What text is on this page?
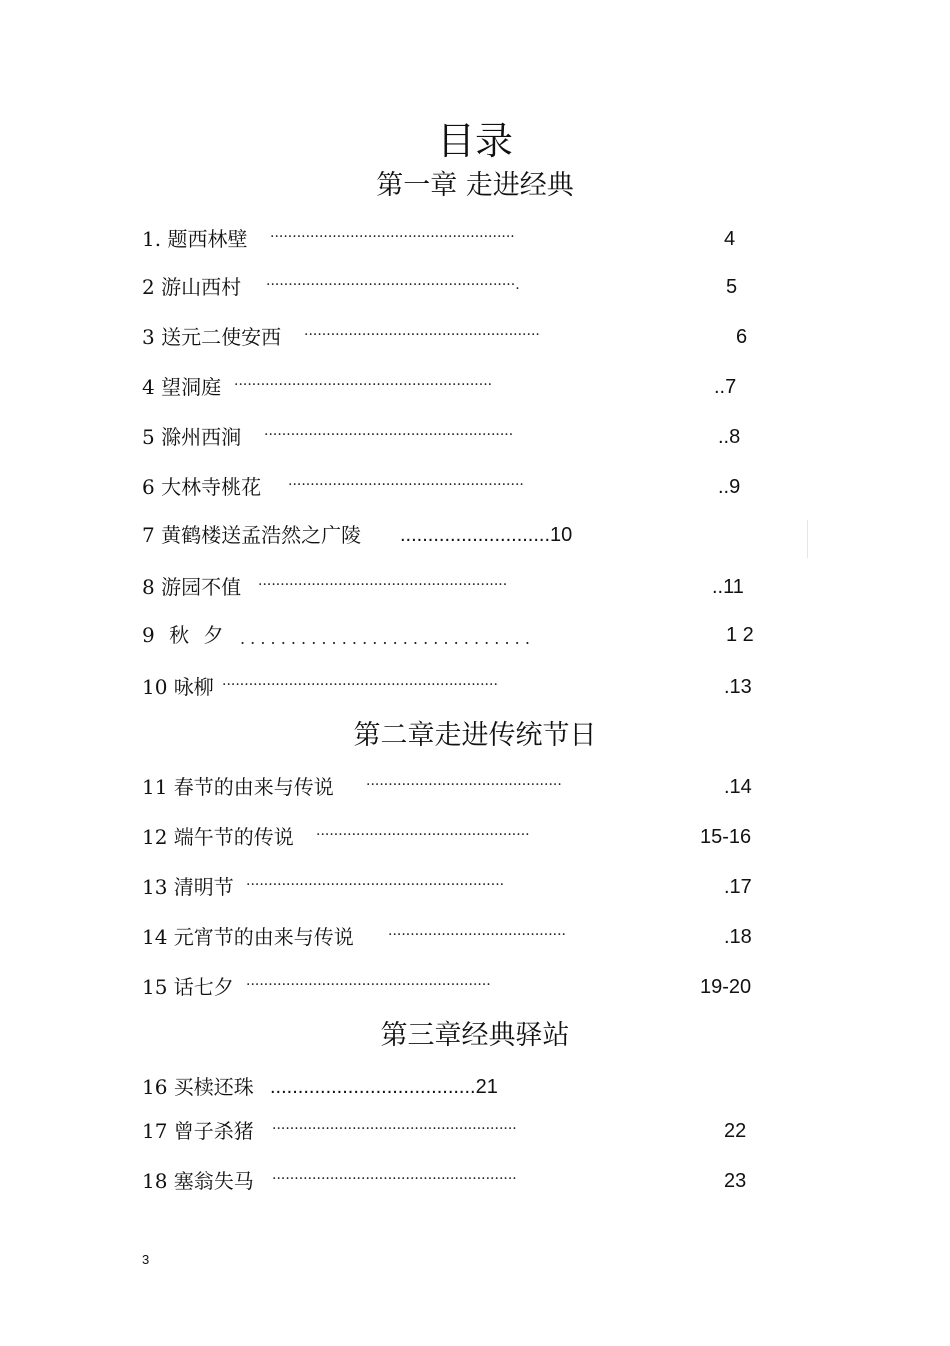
目录
第一章 走进经典
1. 题西林壁 ·······················································	4
2 游山西村 ························································.	5
3 送元二使安西 ·····················································	6
4 望洞庭 ··························································	..7
5 滁州西涧 ························································	..8
6 大林寺桃花 ·····················································	..9
7 黄鹤楼送孟浩然之广陵 ...........................10
8 游园不值 ························································	..11
9 秋 夕 . . . . . . . . . . . . . . . . . . . . . . . . . . . . .	1 2
10 咏柳 ······························································	.13
第二章走进传统节日
11 春节的由来与传说 ············································	.14
12 端午节的传说 ················································	15-16
13 清明节 ··························································	.17
14 元宵节的由来与传说 ········································	.18
15 话七夕 ·······················································	19-20
第三章经典驿站
16 买椟还珠 .....................................21
17 曾子杀猪 ·······················································	22
18 塞翁失马 ·······················································	23
3
